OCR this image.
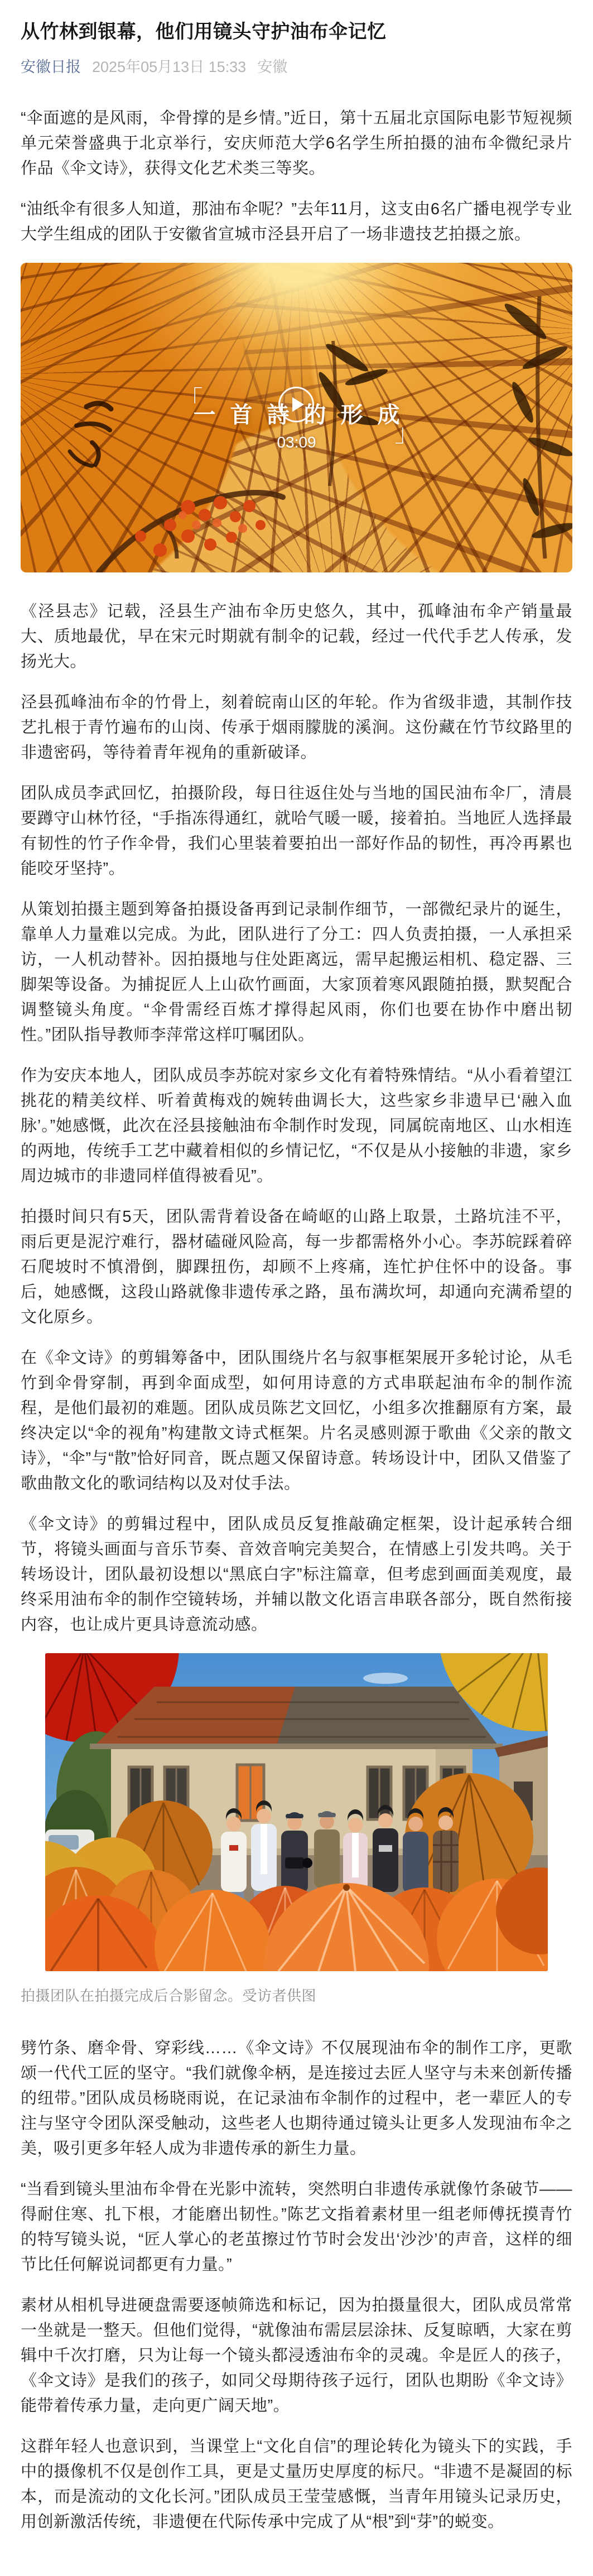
从竹林到银幕，他们用镜头守护油布伞记忆
安徽日报 2025年05月13日 15:33 安徽

“伞面遮的是风雨，伞骨撑的是乡情。”近日，第十五届北京国际电影节短视频单元荣誉盛典于北京举行，安庆师范大学6名学生所拍摄的油布伞微纪录片作品《伞文诗》，获得文化艺术类三等奖。

“油纸伞有很多人知道，那油布伞呢？”去年11月，这支由6名广播电视学专业大学生组成的团队于安徽省宣城市泾县开启了一场非遗技艺拍摄之旅。

「
一首詩的形成
」
03:09

《泾县志》记载，泾县生产油布伞历史悠久，其中，孤峰油布伞产销量最大、质地最优，早在宋元时期就有制伞的记载，经过一代代手艺人传承，发扬光大。

泾县孤峰油布伞的竹骨上，刻着皖南山区的年轮。作为省级非遗，其制作技艺扎根于青竹遍布的山岗、传承于烟雨朦胧的溪涧。这份藏在竹节纹路里的非遗密码，等待着青年视角的重新破译。

团队成员李武回忆，拍摄阶段，每日往返住处与当地的国民油布伞厂，清晨要蹲守山林竹径，“手指冻得通红，就哈气暖一暖，接着拍。当地匠人选择最有韧性的竹子作伞骨，我们心里装着要拍出一部好作品的韧性，再冷再累也能咬牙坚持”。

从策划拍摄主题到筹备拍摄设备再到记录制作细节，一部微纪录片的诞生，靠单人力量难以完成。为此，团队进行了分工：四人负责拍摄，一人承担采访，一人机动替补。因拍摄地与住处距离远，需早起搬运相机、稳定器、三脚架等设备。为捕捉匠人上山砍竹画面，大家顶着寒风跟随拍摄，默契配合调整镜头角度。“伞骨需经百炼才撑得起风雨，你们也要在协作中磨出韧性。”团队指导教师李萍常这样叮嘱团队。

作为安庆本地人，团队成员李苏皖对家乡文化有着特殊情结。“从小看着望江挑花的精美纹样、听着黄梅戏的婉转曲调长大，这些家乡非遗早已‘融入血脉’。”她感慨，此次在泾县接触油布伞制作时发现，同属皖南地区、山水相连的两地，传统手工艺中藏着相似的乡情记忆，“不仅是从小接触的非遗，家乡周边城市的非遗同样值得被看见”。

拍摄时间只有5天，团队需背着设备在崎岖的山路上取景，土路坑洼不平，雨后更是泥泞难行，器材磕碰风险高，每一步都需格外小心。李苏皖踩着碎石爬坡时不慎滑倒，脚踝扭伤，却顾不上疼痛，连忙护住怀中的设备。事后，她感慨，这段山路就像非遗传承之路，虽布满坎坷，却通向充满希望的文化原乡。

在《伞文诗》的剪辑筹备中，团队围绕片名与叙事框架展开多轮讨论，从毛竹到伞骨穿制，再到伞面成型，如何用诗意的方式串联起油布伞的制作流程，是他们最初的难题。团队成员陈艺文回忆，小组多次推翻原有方案，最终决定以“伞的视角”构建散文诗式框架。片名灵感则源于歌曲《父亲的散文诗》，“伞”与“散”恰好同音，既点题又保留诗意。转场设计中，团队又借鉴了歌曲散文化的歌词结构以及对仗手法。

《伞文诗》的剪辑过程中，团队成员反复推敲确定框架，设计起承转合细节，将镜头画面与音乐节奏、音效音响完美契合，在情感上引发共鸣。关于转场设计，团队最初设想以“黑底白字”标注篇章，但考虑到画面美观度，最终采用油布伞的制作空镜转场，并辅以散文化语言串联各部分，既自然衔接内容，也让成片更具诗意流动感。

拍摄团队在拍摄完成后合影留念。受访者供图

劈竹条、磨伞骨、穿彩线……《伞文诗》不仅展现油布伞的制作工序，更歌颂一代代工匠的坚守。“我们就像伞柄，是连接过去匠人坚守与未来创新传播的纽带。”团队成员杨晓雨说，在记录油布伞制作的过程中，老一辈匠人的专注与坚守令团队深受触动，这些老人也期待通过镜头让更多人发现油布伞之美，吸引更多年轻人成为非遗传承的新生力量。

“当看到镜头里油布伞骨在光影中流转，突然明白非遗传承就像竹条破节——得耐住寒、扎下根，才能磨出韧性。”陈艺文指着素材里一组老师傅抚摸青竹的特写镜头说，“匠人掌心的老茧擦过竹节时会发出‘沙沙’的声音，这样的细节比任何解说词都更有力量。”

素材从相机导进硬盘需要逐帧筛选和标记，因为拍摄量很大，团队成员常常一坐就是一整天。但他们觉得，“就像油布需层层涂抹、反复晾晒，大家在剪辑中千次打磨，只为让每一个镜头都浸透油布伞的灵魂。伞是匠人的孩子，《伞文诗》是我们的孩子，如同父母期待孩子远行，团队也期盼《伞文诗》能带着传承力量，走向更广阔天地”。

这群年轻人也意识到，当课堂上“文化自信”的理论转化为镜头下的实践，手中的摄像机不仅是创作工具，更是丈量历史厚度的标尺。“非遗不是凝固的标本，而是流动的文化长河。”团队成员王莹莹感慨，当青年用镜头记录历史，用创新激活传统，非遗便在代际传承中完成了从“根”到“芽”的蜕变。
